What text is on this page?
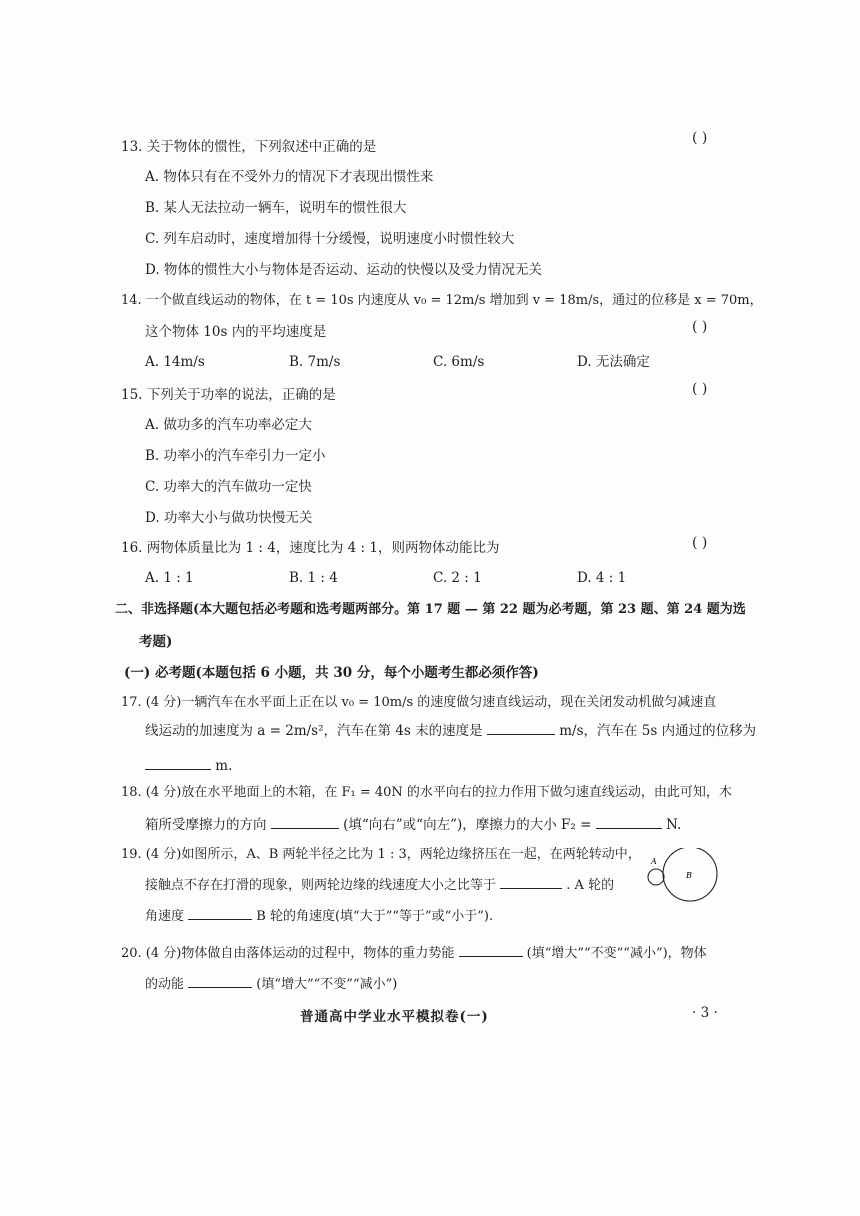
13. 关于物体的惯性，下列叙述中正确的是
( )
A. 物体只有在不受外力的情况下才表现出惯性来
B. 某人无法拉动一辆车，说明车的惯性很大
C. 列车启动时，速度增加得十分缓慢，说明速度小时惯性较大
D. 物体的惯性大小与物体是否运动、运动的快慢以及受力情况无关
14. 一个做直线运动的物体，在 t = 10s 内速度从 v₀ = 12m/s 增加到 v = 18m/s，通过的位移是 x = 70m，
这个物体 10s 内的平均速度是	( )
A. 14m/s	B. 7m/s	C. 6m/s	D. 无法确定
15. 下列关于功率的说法，正确的是	( )
A. 做功多的汽车功率必定大
B. 功率小的汽车牵引力一定小
C. 功率大的汽车做功一定快
D. 功率大小与做功快慢无关
16. 两物体质量比为 1 : 4，速度比为 4 : 1，则两物体动能比为	( )
A. 1 : 1	B. 1 : 4	C. 2 : 1	D. 4 : 1
二、非选择题(本大题包括必考题和选考题两部分。第 17 题 — 第 22 题为必考题，第 23 题、第 24 题为选
考题)
(一) 必考题(本题包括 6 小题，共 30 分，每个小题考生都必须作答)
17. (4 分)一辆汽车在水平面上正在以 v₀ = 10m/s 的速度做匀速直线运动，现在关闭发动机做匀减速直
线运动的加速度为 a = 2m/s²，汽车在第 4s 末的速度是	m/s，汽车在 5s 内通过的位移为
m.
18. (4 分)放在水平地面上的木箱，在 F₁ = 40N 的水平向右的拉力作用下做匀速直线运动，由此可知，木
箱所受摩擦力的方向	(填“向右”或“向左”)，摩擦力的大小 F₂ =	N.
19. (4 分)如图所示，A、B 两轮半径之比为 1 : 3，两轮边缘挤压在一起，在两轮转动中，
接触点不存在打滑的现象，则两轮边缘的线速度大小之比等于	. A 轮的
角速度	B 轮的角速度(填“大于”“等于”或“小于”).
A
B
20. (4 分)物体做自由落体运动的过程中，物体的重力势能	(填“增大”“不变”“减小”)，物体
的动能	(填“增大”“不变”“减小”)
普通高中学业水平模拟卷(一)	· 3 ·
